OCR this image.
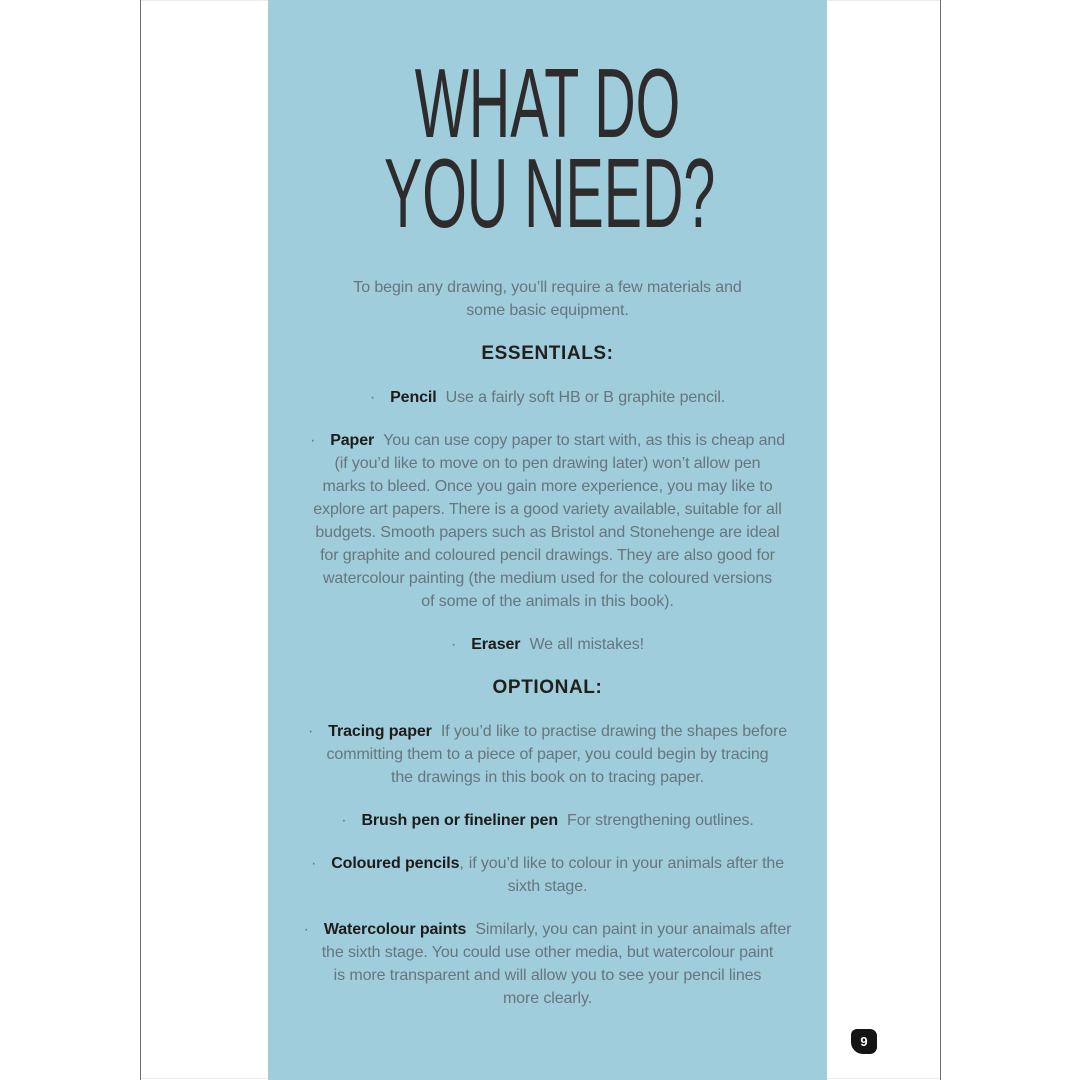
WHAT DO
YOU NEED?
To begin any drawing, you’ll require a few materials and
some basic equipment.
ESSENTIALS:
· Pencil Use a fairly soft HB or B graphite pencil.
· Paper You can use copy paper to start with, as this is cheap and
(if you’d like to move on to pen drawing later) won’t allow pen
marks to bleed. Once you gain more experience, you may like to
explore art papers. There is a good variety available, suitable for all
budgets. Smooth papers such as Bristol and Stonehenge are ideal
for graphite and coloured pencil drawings. They are also good for
watercolour painting (the medium used for the coloured versions
of some of the animals in this book).
· Eraser We all mistakes!
OPTIONAL:
· Tracing paper If you’d like to practise drawing the shapes before
committing them to a piece of paper, you could begin by tracing
the drawings in this book on to tracing paper.
· Brush pen or fineliner pen For strengthening outlines.
· Coloured pencils, if you’d like to colour in your animals after the
sixth stage.
· Watercolour paints Similarly, you can paint in your anaimals after
the sixth stage. You could use other media, but watercolour paint
is more transparent and will allow you to see your pencil lines
more clearly.
9
